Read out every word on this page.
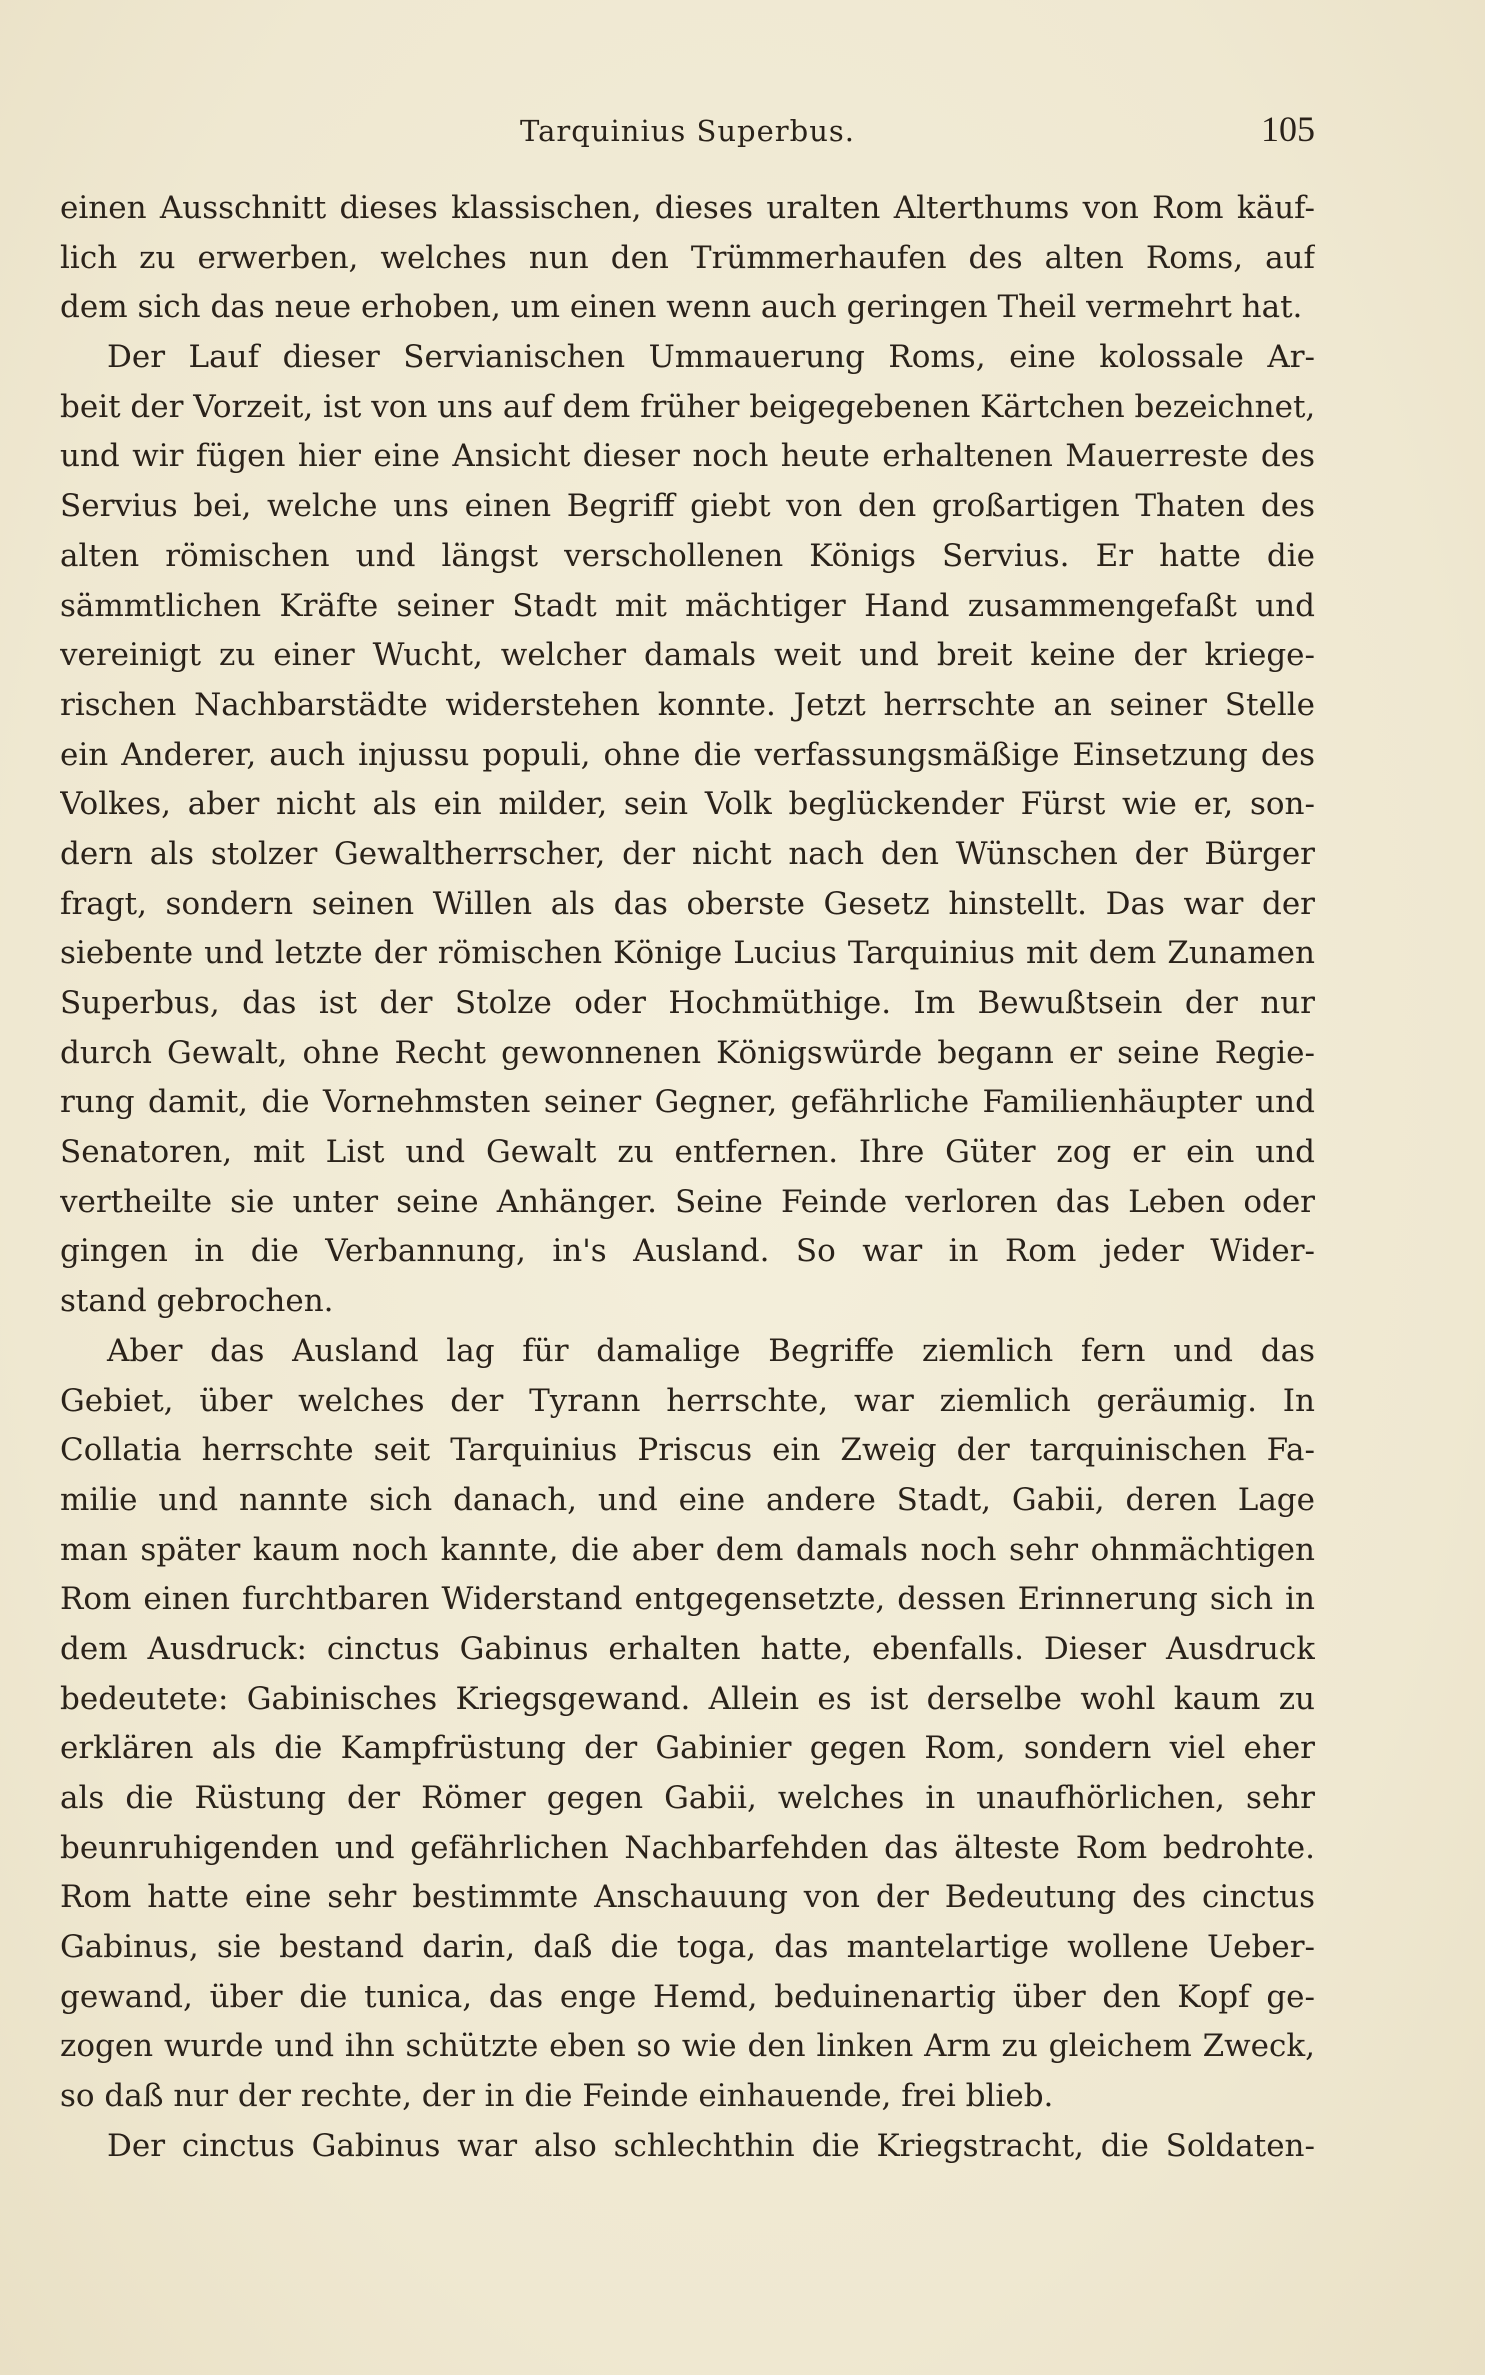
Tarquinius Superbus.	105
einen Ausschnitt dieses klassischen, dieses uralten Alterthums von Rom käuf-
lich zu erwerben, welches nun den Trümmerhaufen des alten Roms, auf
dem sich das neue erhoben, um einen wenn auch geringen Theil vermehrt hat.
Der Lauf dieser Servianischen Ummauerung Roms, eine kolossale Ar-
beit der Vorzeit, ist von uns auf dem früher beigegebenen Kärtchen bezeichnet,
und wir fügen hier eine Ansicht dieser noch heute erhaltenen Mauerreste des
Servius bei, welche uns einen Begriff giebt von den großartigen Thaten des
alten römischen und längst verschollenen Königs Servius. Er hatte die
sämmtlichen Kräfte seiner Stadt mit mächtiger Hand zusammengefaßt und
vereinigt zu einer Wucht, welcher damals weit und breit keine der kriege-
rischen Nachbarstädte widerstehen konnte. Jetzt herrschte an seiner Stelle
ein Anderer, auch injussu populi, ohne die verfassungsmäßige Einsetzung des
Volkes, aber nicht als ein milder, sein Volk beglückender Fürst wie er, son-
dern als stolzer Gewaltherrscher, der nicht nach den Wünschen der Bürger
fragt, sondern seinen Willen als das oberste Gesetz hinstellt. Das war der
siebente und letzte der römischen Könige Lucius Tarquinius mit dem Zunamen
Superbus, das ist der Stolze oder Hochmüthige. Im Bewußtsein der nur
durch Gewalt, ohne Recht gewonnenen Königswürde begann er seine Regie-
rung damit, die Vornehmsten seiner Gegner, gefährliche Familienhäupter und
Senatoren, mit List und Gewalt zu entfernen. Ihre Güter zog er ein und
vertheilte sie unter seine Anhänger. Seine Feinde verloren das Leben oder
gingen in die Verbannung, in's Ausland. So war in Rom jeder Wider-
stand gebrochen.
Aber das Ausland lag für damalige Begriffe ziemlich fern und das
Gebiet, über welches der Tyrann herrschte, war ziemlich geräumig. In
Collatia herrschte seit Tarquinius Priscus ein Zweig der tarquinischen Fa-
milie und nannte sich danach, und eine andere Stadt, Gabii, deren Lage
man später kaum noch kannte, die aber dem damals noch sehr ohnmächtigen
Rom einen furchtbaren Widerstand entgegensetzte, dessen Erinnerung sich in
dem Ausdruck: cinctus Gabinus erhalten hatte, ebenfalls. Dieser Ausdruck
bedeutete: Gabinisches Kriegsgewand. Allein es ist derselbe wohl kaum zu
erklären als die Kampfrüstung der Gabinier gegen Rom, sondern viel eher
als die Rüstung der Römer gegen Gabii, welches in unaufhörlichen, sehr
beunruhigenden und gefährlichen Nachbarfehden das älteste Rom bedrohte.
Rom hatte eine sehr bestimmte Anschauung von der Bedeutung des cinctus
Gabinus, sie bestand darin, daß die toga, das mantelartige wollene Ueber-
gewand, über die tunica, das enge Hemd, beduinenartig über den Kopf ge-
zogen wurde und ihn schützte eben so wie den linken Arm zu gleichem Zweck,
so daß nur der rechte, der in die Feinde einhauende, frei blieb.
Der cinctus Gabinus war also schlechthin die Kriegstracht, die Soldaten-
